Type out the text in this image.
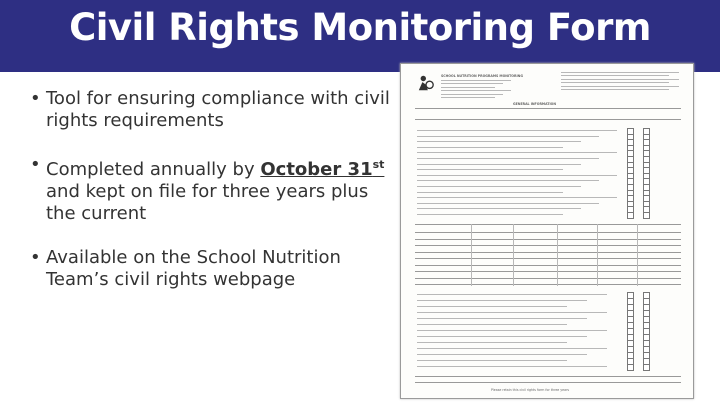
Civil Rights Monitoring Form
• Tool for ensuring compliance with civil rights requirements
• Completed annually by October 31st and kept on file for three years plus the current
• Available on the School Nutrition Team’s civil rights webpage
SCHOOL NUTRITION PROGRAMS MONITORING
GENERAL INFORMATION
Please retain this civil rights form for three years
